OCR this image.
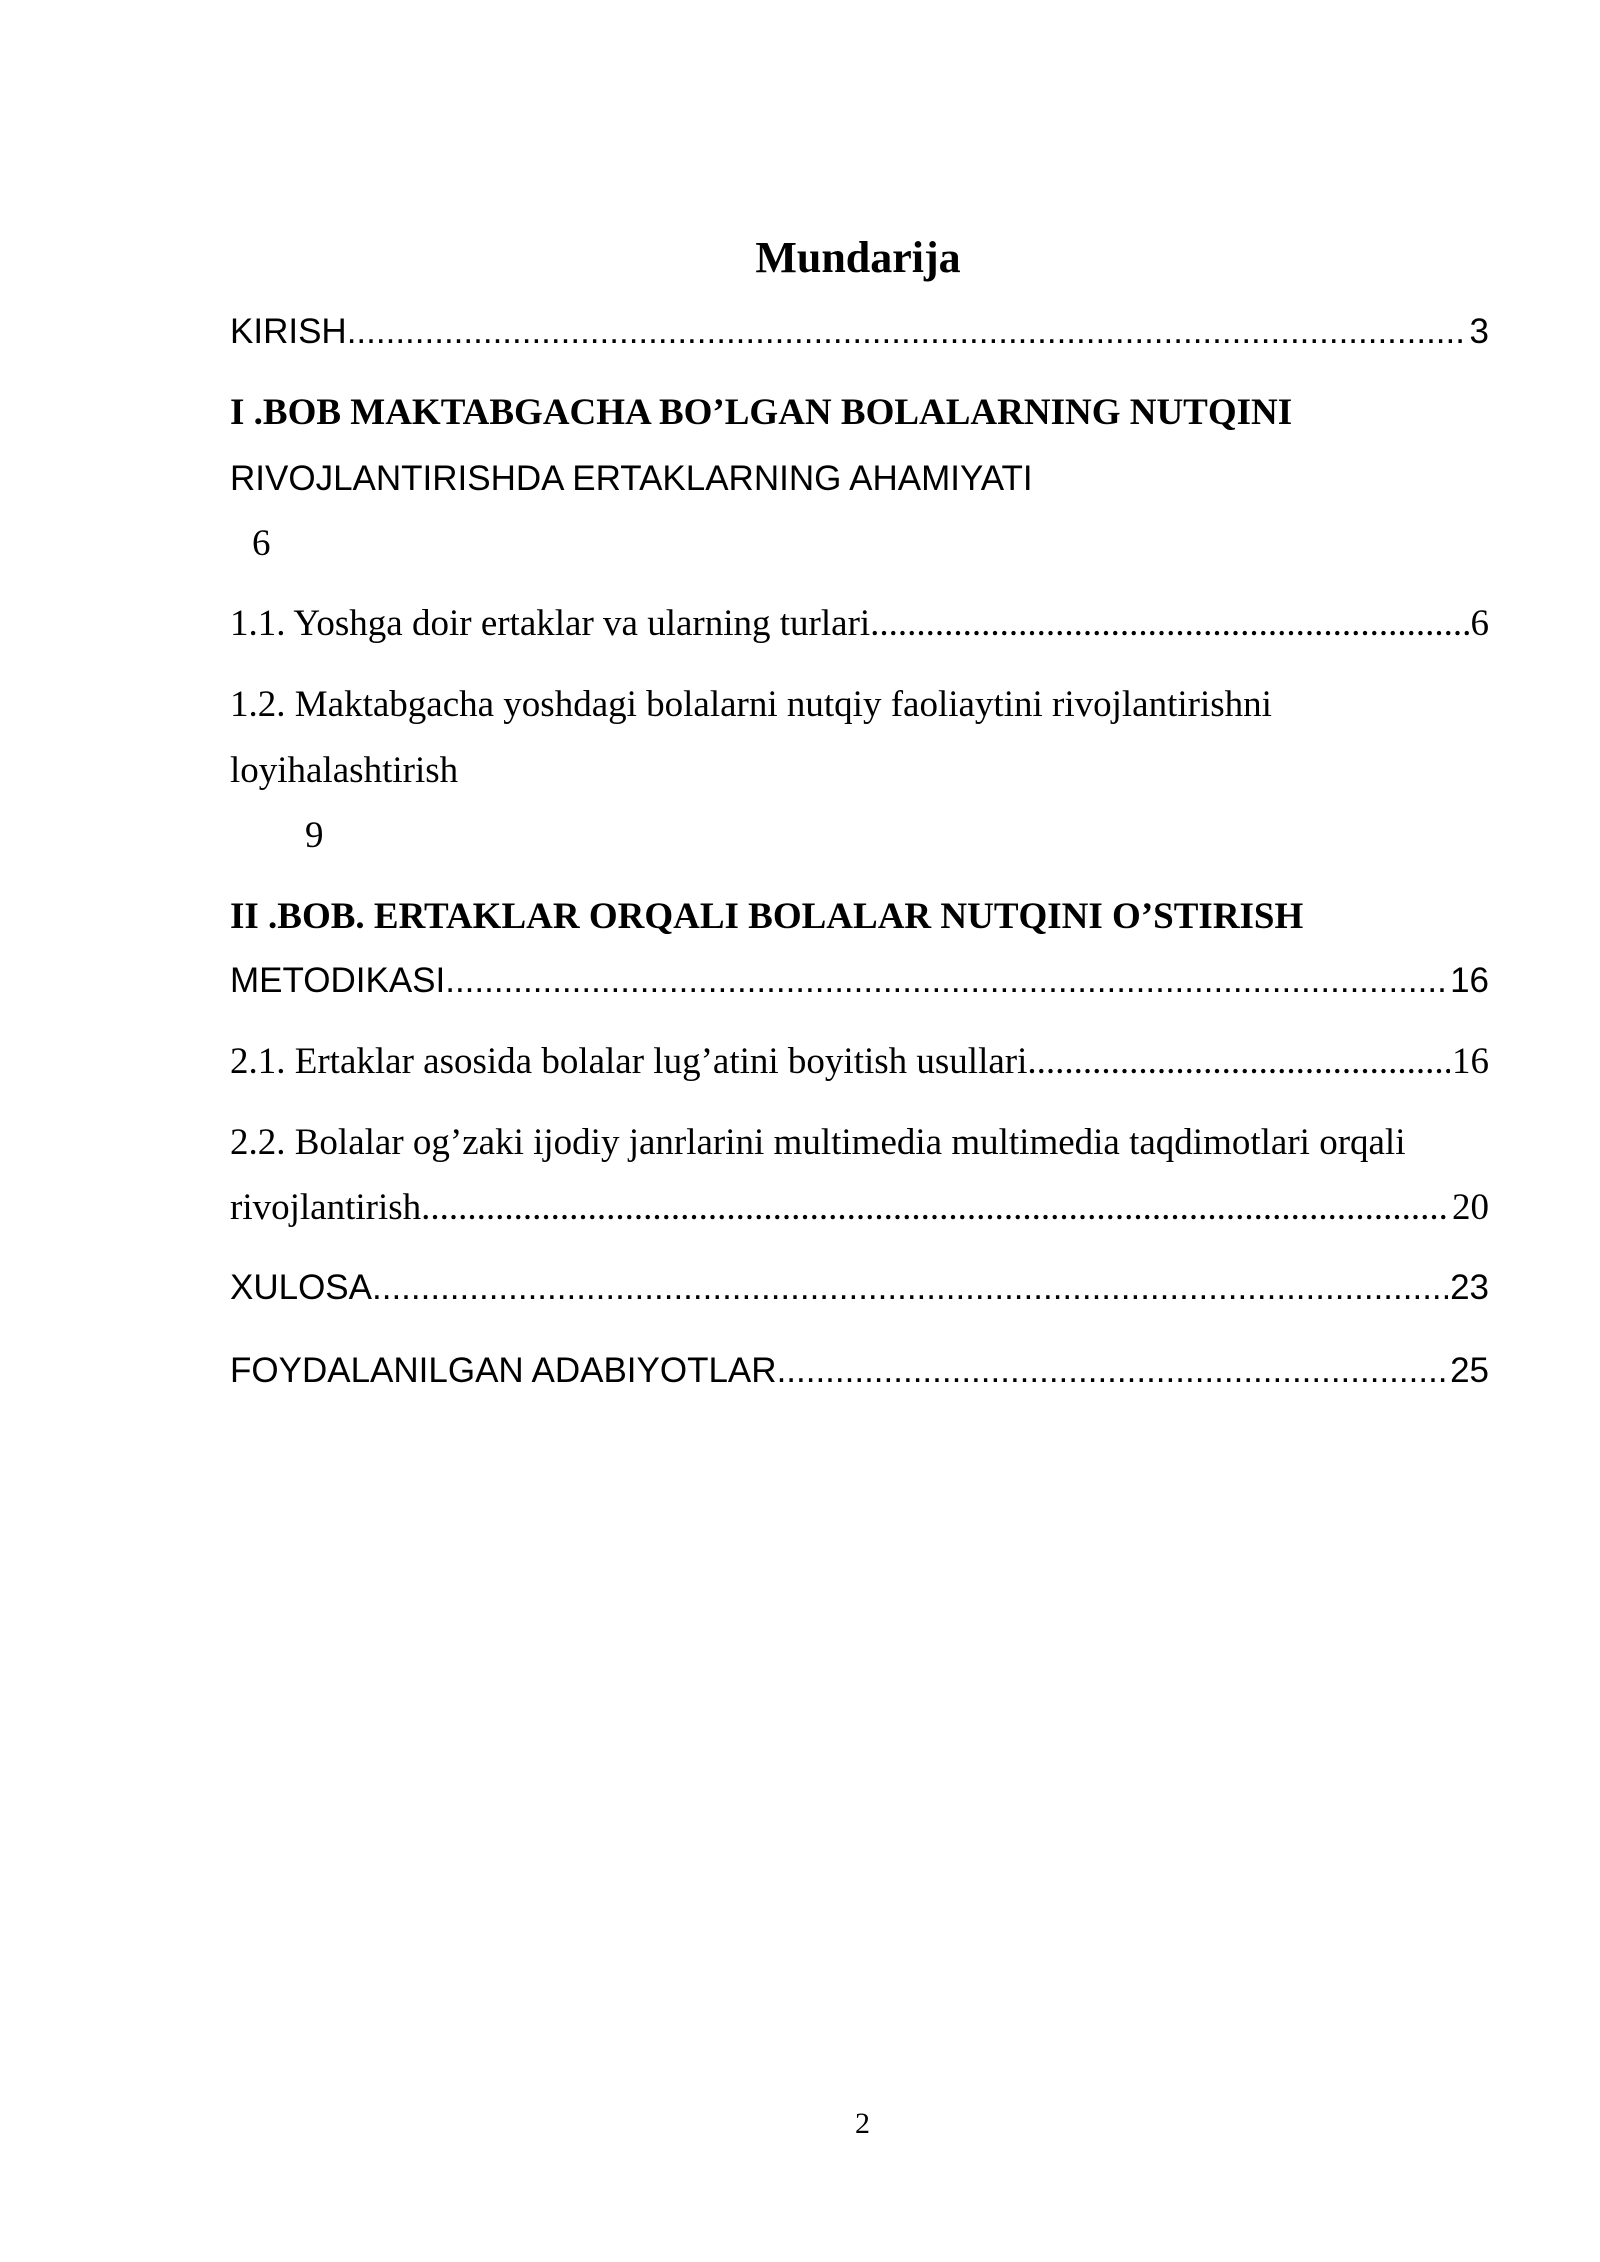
Mundarija
KIRISH .....	3
I .BOB MAKTABGACHA BO’LGAN BOLALARNING NUTQINI
RIVOJLANTIRISHDA ERTAKLARNING AHAMIYATI
6
1.1. Yoshga doir ertaklar va ularning turlari .....	6
1.2. Maktabgacha yoshdagi bolalarni nutqiy faoliaytini rivojlantirishni
loyihalashtirish
9
II .BOB. ERTAKLAR ORQALI BOLALAR NUTQINI O’STIRISH
METODIKASI .....	16
2.1. Ertaklar asosida bolalar lug’atini boyitish usullari .....	16
2.2. Bolalar og’zaki ijodiy janrlarini multimedia multimedia taqdimotlari orqali
rivojlantirish .....	20
XULOSA .....	23
FOYDALANILGAN ADABIYOTLAR .....	25
2
